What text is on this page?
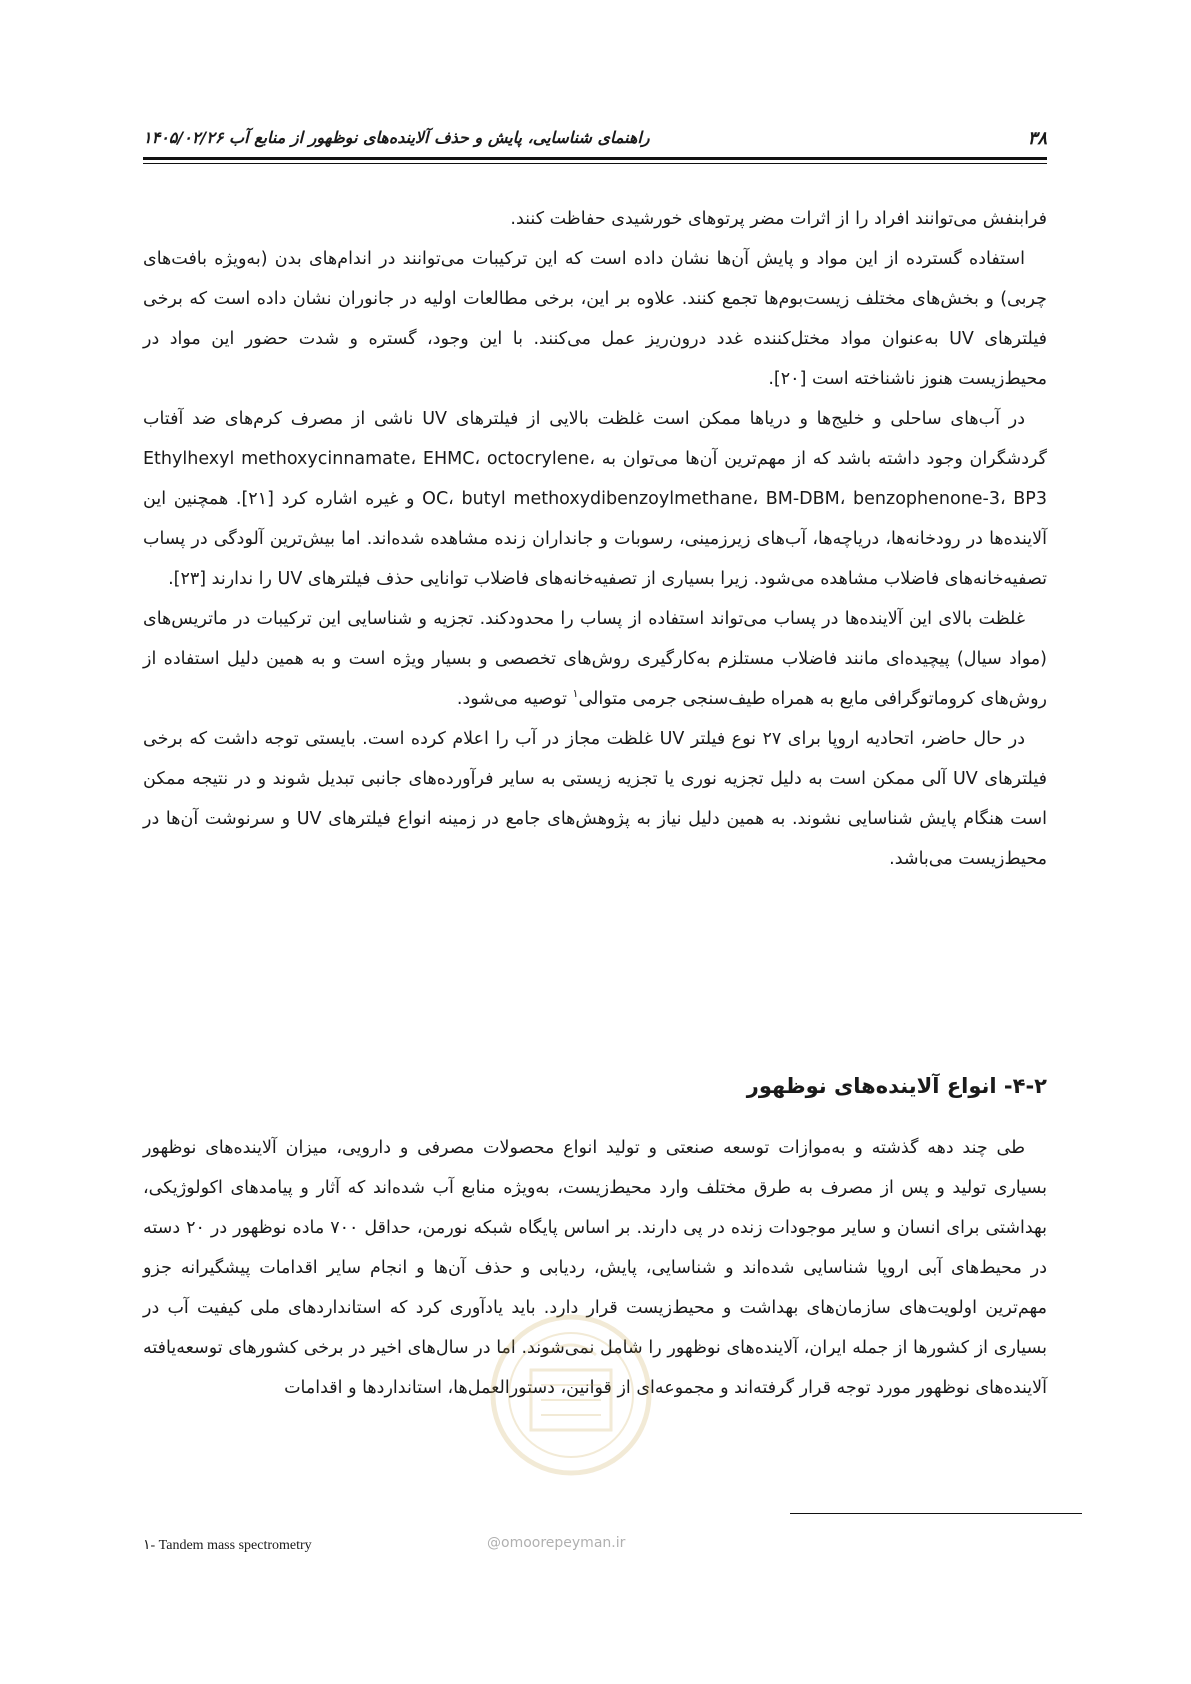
راهنمای شناسایی، پایش و حذف آلاینده‌های نوظهور از منابع آب ۱۴۰۵/۰۲/۲۶	۳۸

فرابنفش می‌توانند افراد را از اثرات مضر پرتوهای خورشیدی حفاظت کنند.

استفاده گسترده از این مواد و پایش آن‌ها نشان داده است که این ترکیبات می‌توانند در اندام‌های بدن (به‌ویژه بافت‌های چربی) و بخش‌های مختلف زیست‌بوم‌ها تجمع کنند. علاوه بر این، برخی مطالعات اولیه در جانوران نشان داده است که برخی فیلترهای UV به‌عنوان مواد مختل‌کننده غدد درون‌ریز عمل می‌کنند. با این وجود، گستره و شدت حضور این مواد در محیط‌زیست هنوز ناشناخته است [۲۰].

در آب‌های ساحلی و خلیج‌ها و دریاها ممکن است غلظت بالایی از فیلترهای UV ناشی از مصرف کرم‌های ضد آفتاب گردشگران وجود داشته باشد که از مهم‌ترین آن‌ها می‌توان به Ethylhexyl methoxycinnamate، EHMC، octocrylene، OC، butyl methoxydibenzoylmethane، BM-DBM، benzophenone-3، BP3 و غیره اشاره کرد [۲۱]. همچنین این آلاینده‌ها در رودخانه‌ها، دریاچه‌ها، آب‌های زیرزمینی، رسوبات و جانداران زنده مشاهده شده‌اند. اما بیش‌ترین آلودگی در پساب تصفیه‌خانه‌های فاضلاب مشاهده می‌شود. زیرا بسیاری از تصفیه‌خانه‌های فاضلاب توانایی حذف فیلترهای UV را ندارند [۲۳].

غلظت بالای این آلاینده‌ها در پساب می‌تواند استفاده از پساب را محدودکند. تجزیه و شناسایی این ترکیبات در ماتریس‌های (مواد سیال) پیچیده‌ای مانند فاضلاب مستلزم به‌کارگیری روش‌های تخصصی و بسیار ویژه است و به همین دلیل استفاده از روش‌های کروماتوگرافی مایع به همراه طیف‌سنجی جرمی متوالی$^۱$ توصیه می‌شود.

در حال حاضر، اتحادیه اروپا برای ۲۷ نوع فیلتر UV غلظت مجاز در آب را اعلام کرده است. بایستی توجه داشت که برخی فیلترهای UV آلی ممکن است به دلیل تجزیه نوری یا تجزیه زیستی به سایر فرآورده‌های جانبی تبدیل شوند و در نتیجه ممکن است هنگام پایش شناسایی نشوند. به همین دلیل نیاز به پژوهش‌های جامع در زمینه انواع فیلترهای UV و سرنوشت آن‌ها در محیط‌زیست می‌باشد.

۴-۲- انواع آلاینده‌های نوظهور

طی چند دهه گذشته و به‌موازات توسعه صنعتی و تولید انواع محصولات مصرفی و دارویی، میزان آلاینده‌های نوظهور بسیاری تولید و پس از مصرف به طرق مختلف وارد محیط‌زیست، به‌ویژه منابع آب شده‌اند که آثار و پیامدهای اکولوژیکی، بهداشتی برای انسان و سایر موجودات زنده در پی دارند. بر اساس پایگاه شبکه نورمن، حداقل ۷۰۰ ماده نوظهور در ۲۰ دسته در محیط‌های آبی اروپا شناسایی شده‌اند و شناسایی، پایش، ردیابی و حذف آن‌ها و انجام سایر اقدامات پیشگیرانه جزو مهم‌ترین اولویت‌های سازمان‌های بهداشت و محیط‌زیست قرار دارد. باید یادآوری کرد که استانداردهای ملی کیفیت آب در بسیاری از کشورها از جمله ایران، آلاینده‌های نوظهور را شامل نمی‌شوند. اما در سال‌های اخیر در برخی کشورهای توسعه‌یافته آلاینده‌های نوظهور مورد توجه قرار گرفته‌اند و مجموعه‌ای از قوانین، دستورالعمل‌ها، استانداردها و اقدامات

@omoorepeyman.ir
۱- Tandem mass spectrometry
